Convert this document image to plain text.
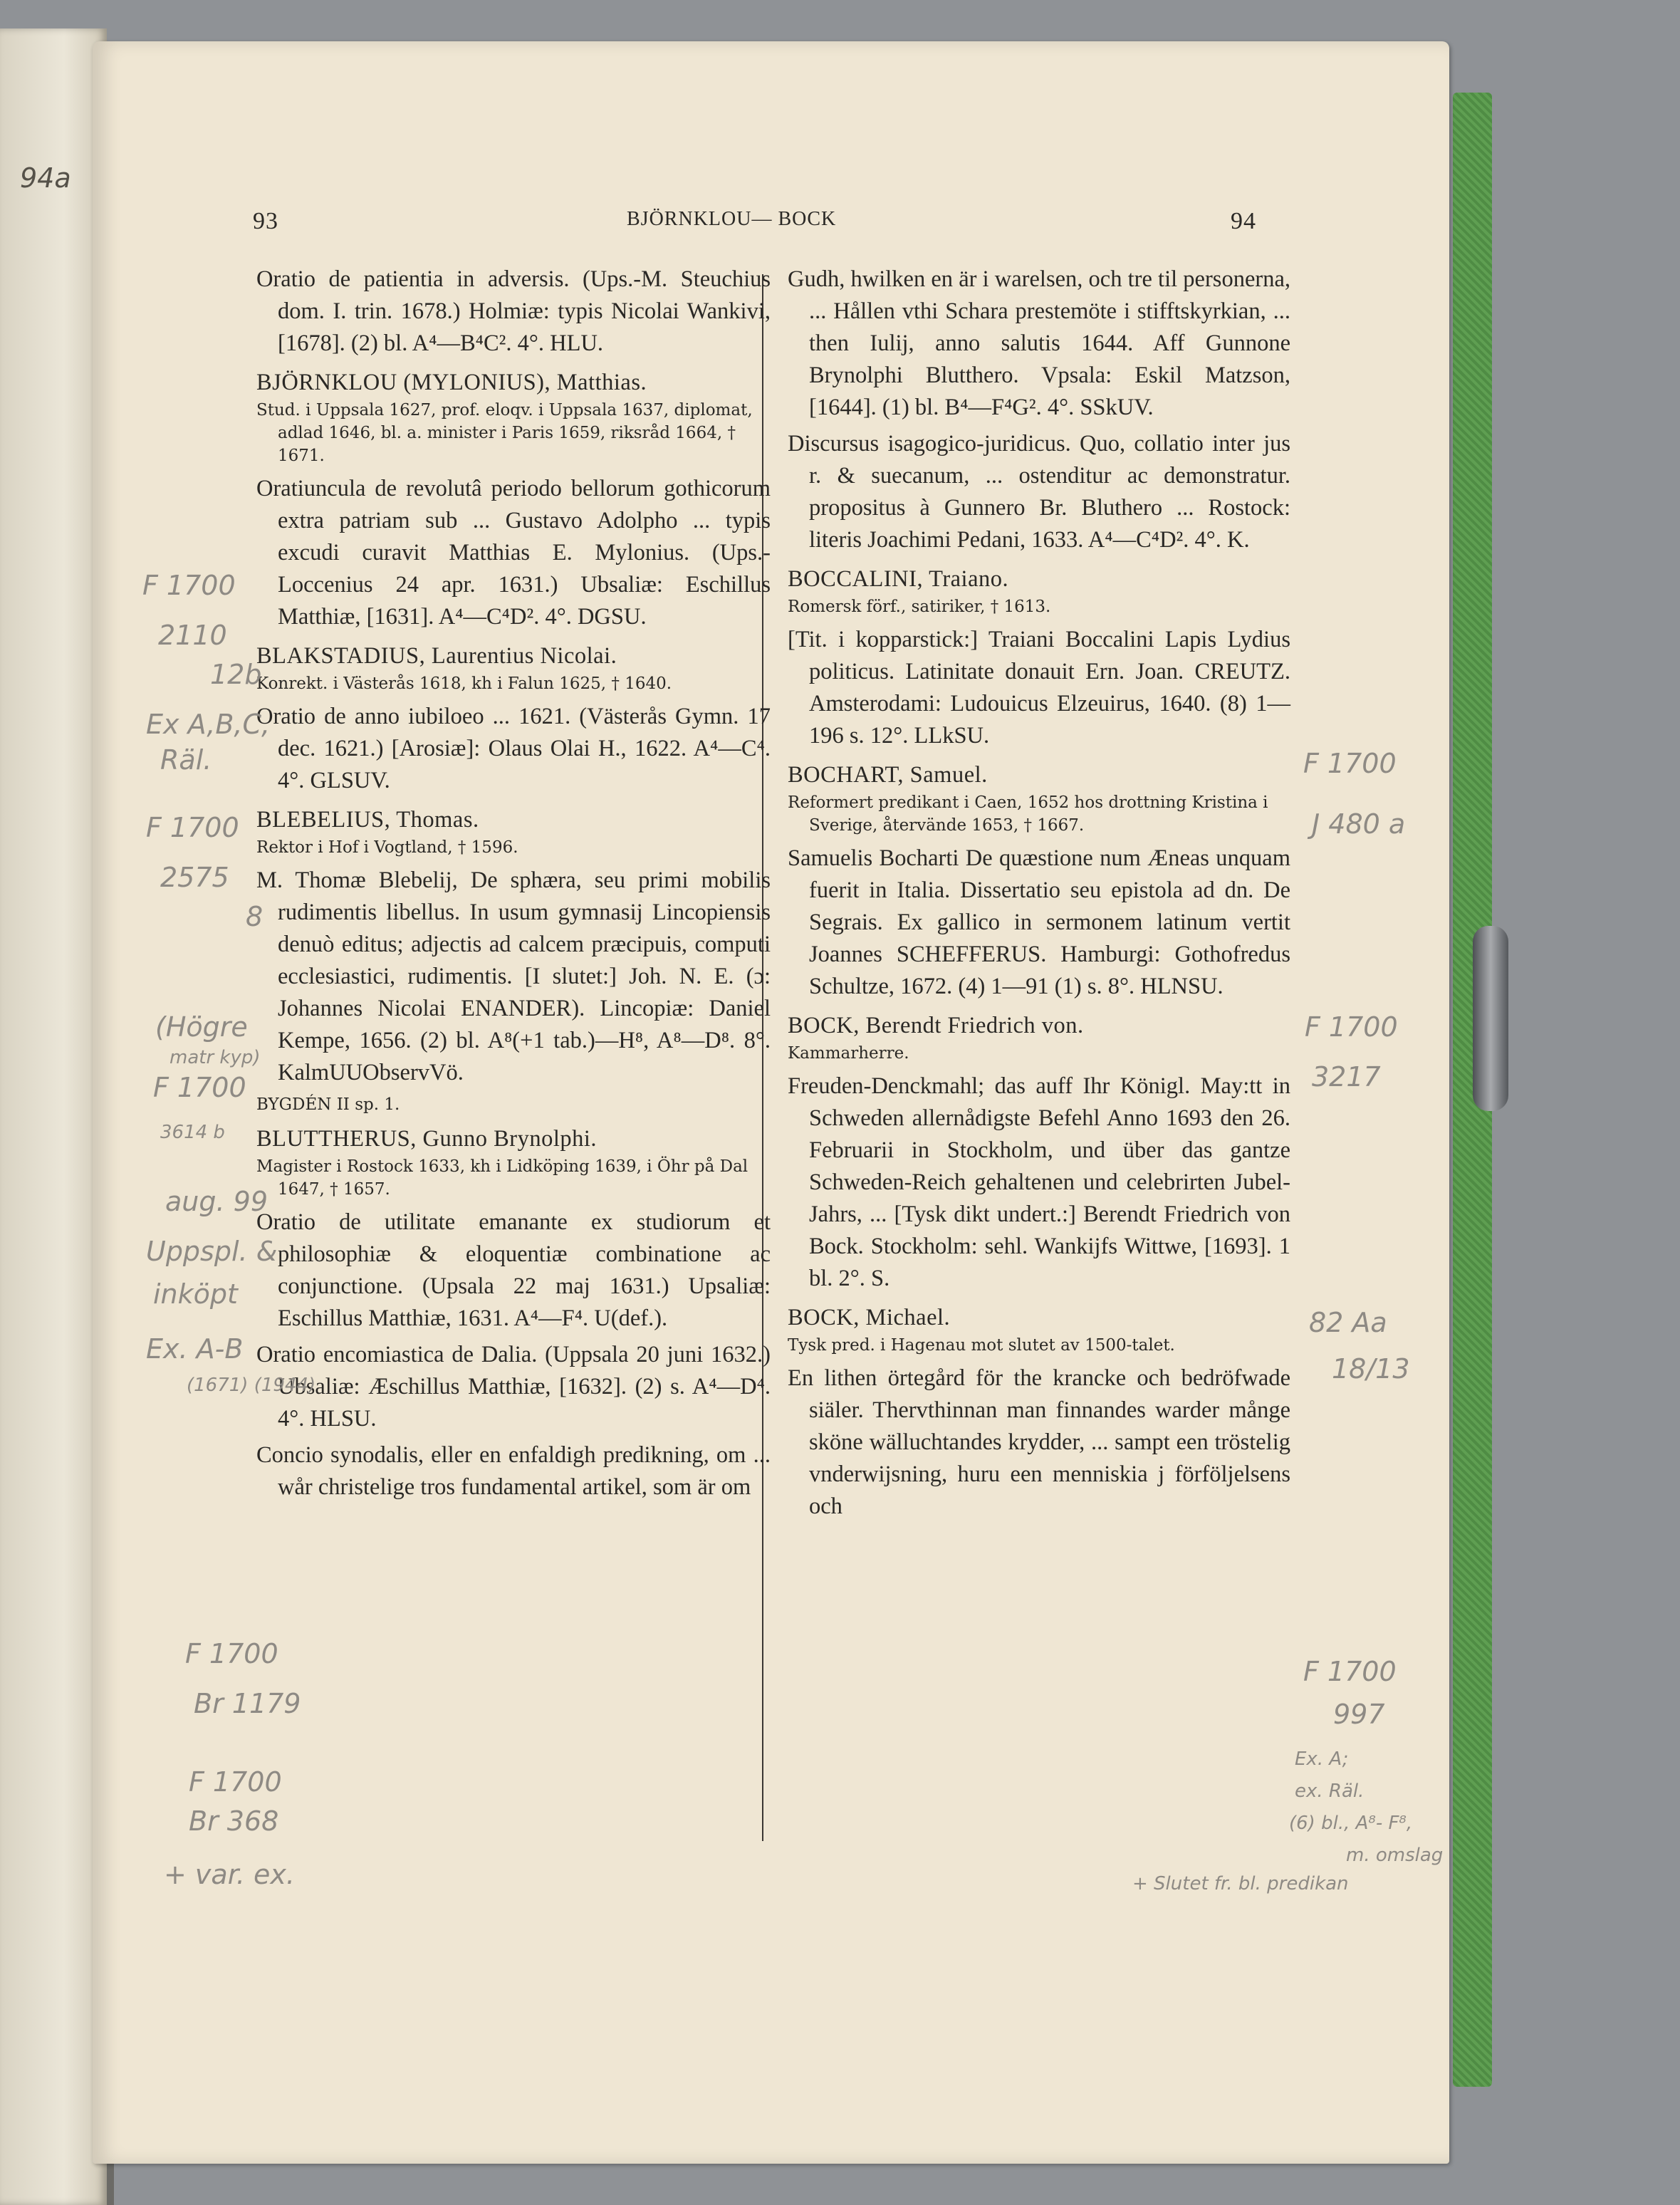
93	BJÖRNKLOU— BOCK	94
Oratio de patientia in adversis. (Ups.-M. Steuchius dom. I. trin. 1678.) Holmiæ: typis Nicolai Wankivi, [1678]. (2) bl. A⁴—B⁴C². 4°. HLU.
BJÖRNKLOU (MYLONIUS), Matthias.
Stud. i Uppsala 1627, prof. eloqv. i Uppsala 1637, diplomat, adlad 1646, bl. a. minister i Paris 1659, riksråd 1664, † 1671.
Oratiuncula de revolutâ periodo bellorum gothicorum extra patriam sub ... Gustavo Adolpho ... typis excudi curavit Matthias E. Mylonius. (Ups.-Loccenius 24 apr. 1631.) Ubsaliæ: Eschillus Matthiæ, [1631]. A⁴—C⁴D². 4°. DGSU.
BLAKSTADIUS, Laurentius Nicolai.
Konrekt. i Västerås 1618, kh i Falun 1625, † 1640.
Oratio de anno iubiloeo ... 1621. (Västerås Gymn. 17 dec. 1621.) [Arosiæ]: Olaus Olai H., 1622. A⁴—C⁴. 4°. GLSUV.
BLEBELIUS, Thomas.
Rektor i Hof i Vogtland, † 1596.
M. Thomæ Blebelij, De sphæra, seu primi mobilis rudimentis libellus. In usum gymnasij Lincopiensis denuò editus; adjectis ad calcem præcipuis, computi ecclesiastici, rudimentis. [I slutet:] Joh. N. E. (ɔ: Johannes Nicolai ENANDER). Lincopiæ: Daniel Kempe, 1656. (2) bl. A⁸(+1 tab.)—H⁸, A⁸—D⁸. 8°. KalmUUObservVö.
BYGDÉN II sp. 1.
BLUTTHERUS, Gunno Brynolphi.
Magister i Rostock 1633, kh i Lidköping 1639, i Öhr på Dal 1647, † 1657.
Oratio de utilitate emanante ex studiorum et philosophiæ & eloquentiæ combinatione ac conjunctione. (Upsala 22 maj 1631.) Upsaliæ: Eschillus Matthiæ, 1631. A⁴—F⁴. U(def.).
Oratio encomiastica de Dalia. (Uppsala 20 juni 1632.) Ubsaliæ: Æschillus Matthiæ, [1632]. (2) s. A⁴—D⁴. 4°. HLSU.
Concio synodalis, eller en enfaldigh predikning, om ... wår christelige tros fundamental artikel, som är om
Gudh, hwilken en är i warelsen, och tre til personerna, ... Hållen vthi Schara prestemöte i stifftskyrkian, ... then Iulij, anno salutis 1644. Aff Gunnone Brynolphi Blutthero. Vpsala: Eskil Matzson, [1644]. (1) bl. B⁴—F⁴G². 4°. SSkUV.
Discursus isagogico-juridicus. Quo, collatio inter jus r. & suecanum, ... ostenditur ac demonstratur. propositus à Gunnero Br. Bluthero ... Rostock: literis Joachimi Pedani, 1633. A⁴—C⁴D². 4°. K.
BOCCALINI, Traiano.
Romersk förf., satiriker, † 1613.
[Tit. i kopparstick:] Traiani Boccalini Lapis Lydius politicus. Latinitate donauit Ern. Joan. CREUTZ. Amsterodami: Ludouicus Elzeuirus, 1640. (8) 1—196 s. 12°. LLkSU.
BOCHART, Samuel.
Reformert predikant i Caen, 1652 hos drottning Kristina i Sverige, återvände 1653, † 1667.
Samuelis Bocharti De quæstione num Æneas unquam fuerit in Italia. Dissertatio seu epistola ad dn. De Segrais. Ex gallico in sermonem latinum vertit Joannes SCHEFFERUS. Hamburgi: Gothofredus Schultze, 1672. (4) 1—91 (1) s. 8°. HLNSU.
BOCK, Berendt Friedrich von.
Kammarherre.
Freuden-Denckmahl; das auff Ihr Königl. May:tt in Schweden allernådigste Befehl Anno 1693 den 26. Februarii in Stockholm, und über das gantze Schweden-Reich gehaltenen und celebrirten Jubel-Jahrs, ... [Tysk dikt undert.:] Berendt Friedrich von Bock. Stockholm: sehl. Wankijfs Wittwe, [1693]. 1 bl. 2°. S.
BOCK, Michael.
Tysk pred. i Hagenau mot slutet av 1500-talet.
En lithen örtegård för the krancke och bedröfwade siäler. Thervthinnan man finnandes warder månge sköne wälluchtandes krydder, ... sampt een tröstelig vnderwijsning, huru een menniskia j förföljelsens och
94a
F 1700
2110
12b
Ex A,B,C,
Räl.
F 1700
2575
8
(Högre
matr kyp)
F 1700
3614 b
aug. 99
Uppspl. &
inköpt
Ex. A-B
(1671) (1944)
F 1700
Br 1179
F 1700
Br 368
+ var. ex.
F 1700
J 480 a
F 1700
3217
82 Aa
18/13
F 1700
997
Ex. A;
ex. Räl.
(6) bl., A⁸- F⁸,
m. omslag
+ Slutet fr. bl. predikan
